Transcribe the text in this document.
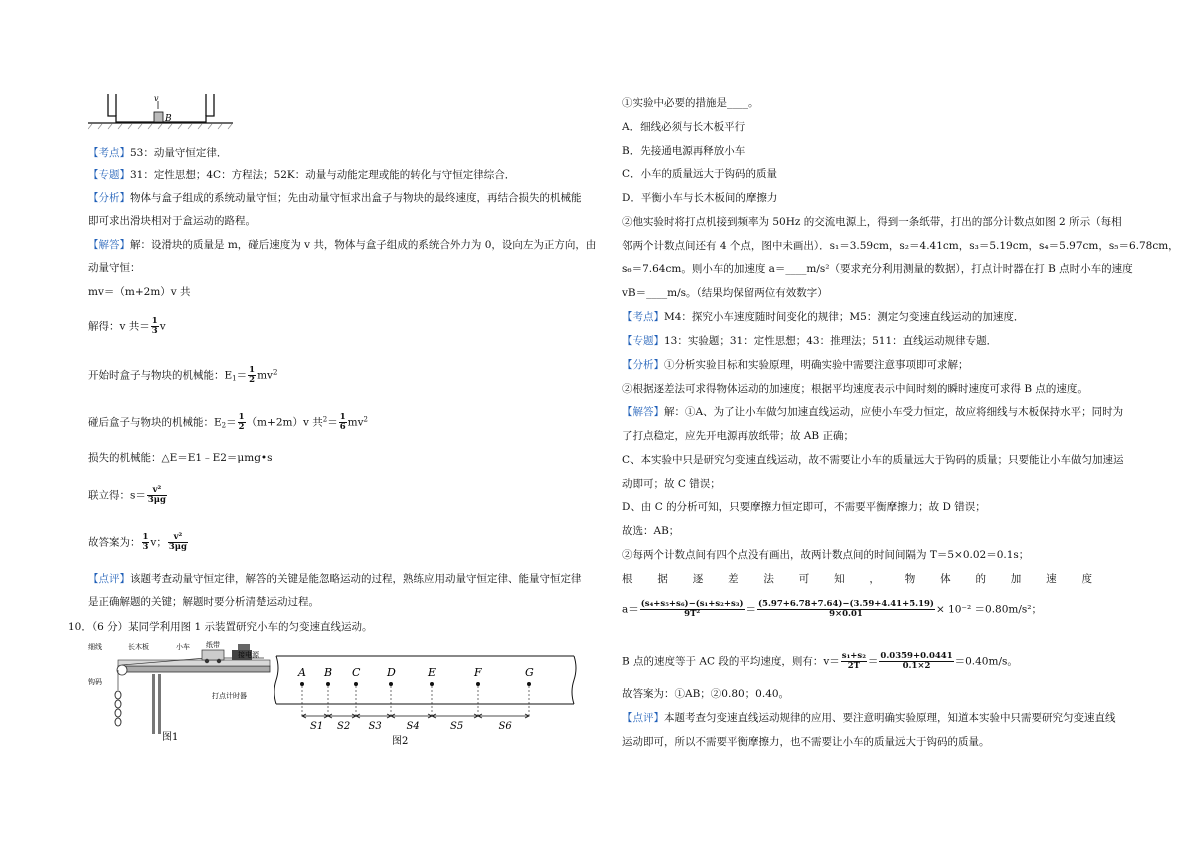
v
B
【考点】53：动量守恒定律．
【专题】31：定性思想；4C：方程法；52K：动量与动能定理或能的转化与守恒定律综合．
【分析】物体与盒子组成的系统动量守恒；先由动量守恒求出盒子与物块的最终速度，再结合损失的机械能
即可求出滑块相对于盒运动的路程。
【解答】解：设滑块的质量是 m，碰后速度为 v 共，物体与盒子组成的系统合外力为 0，设向左为正方向，由
动量守恒：
mv＝（m+2m）v 共
解得：v 共＝ $\frac{1}{3}$ v
开始时盒子与物块的机械能：$E_1= \frac{1}{2} mv^2$
碰后盒子与物块的机械能：$E_2= \frac{1}{2} (m+2m)v$ 共$^2= \frac{1}{6} mv^2$
损失的机械能：△E＝E1﹣E2＝μmg•s
联立得：$s= \frac{\text{v²}}{3\mu g}$
故答案为： $\frac{1}{3}$ v； $\frac{\text{v²}}{3\mu g}$
【点评】该题考查动量守恒定律，解答的关键是能忽略运动的过程，熟练应用动量守恒定律、能量守恒定律
是正确解题的关键；解题时要分析清楚运动过程。
10．（6 分）某同学利用图 1 示装置研究小车的匀变速直线运动。
细线	长木板	小车 纸带
接电源
钩码
打点计时器
图1
A B C D	E	F	G
S1 S2 S3 S4	S5	S6
图2
①实验中必要的措施是____。
A．细线必须与长木板平行
B．先接通电源再释放小车
C．小车的质量远大于钩码的质量
D．平衡小车与长木板间的摩擦力
②他实验时将打点机接到频率为 50Hz 的交流电源上，得到一条纸带，打出的部分计数点如图 2 所示（每相
邻两个计数点间还有 4 个点，图中未画出）．s₁＝3.59cm，s₂＝4.41cm，s₃＝5.19cm，s₄＝5.97cm，s₅＝6.78cm，
s₆＝7.64cm。则小车的加速度 a＝____m/s²（要求充分利用测量的数据），打点计时器在打 B 点时小车的速度
vB＝____m/s。（结果均保留两位有效数字）
【考点】M4：探究小车速度随时间变化的规律；M5：测定匀变速直线运动的加速度．
【专题】13：实验题；31：定性思想；43：推理法；511：直线运动规律专题．
【分析】①分析实验目标和实验原理，明确实验中需要注意事项即可求解；
②根据逐差法可求得物体运动的加速度；根据平均速度表示中间时刻的瞬时速度可求得 B 点的速度。
【解答】解：①A、为了让小车做匀加速直线运动，应使小车受力恒定，故应将细线与木板保持水平；同时为
了打点稳定，应先开电源再放纸带；故 AB 正确；
C、本实验中只是研究匀变速直线运动，故不需要让小车的质量远大于钩码的质量；只要能让小车做匀加速运
动即可；故 C 错误；
D、由 C 的分析可知，只要摩擦力恒定即可，不需要平衡摩擦力；故 D 错误；
故选：AB；
②每两个计数点间有四个点没有画出，故两计数点间的时间间隔为 T＝5×0.02＝0.1s；
根 据 逐 差 法 可 知 ， 物 体 的 加 速 度
$a= \frac{\text{(s₄+s₅+s₆)−(s₁+s₂+s₃)}}{\text{9T²}} = \frac{(5.97+6.78+7.64)-(3.59+4.41+5.19)}{9\times 0.01} \times 10^{-2} =0.80m/s^2$；
B 点的速度等于 AC 段的平均速度，则有：$v= \frac{\text{s₁+s₂}}{2T} = \frac{0.0359+0.0441}{0.1\times 2} =0.40m/s$。
故答案为：①AB；②0.80；0.40。
【点评】本题考查匀变速直线运动规律的应用、要注意明确实验原理，知道本实验中只需要研究匀变速直线
运动即可，所以不需要平衡摩擦力，也不需要让小车的质量远大于钩码的质量。
